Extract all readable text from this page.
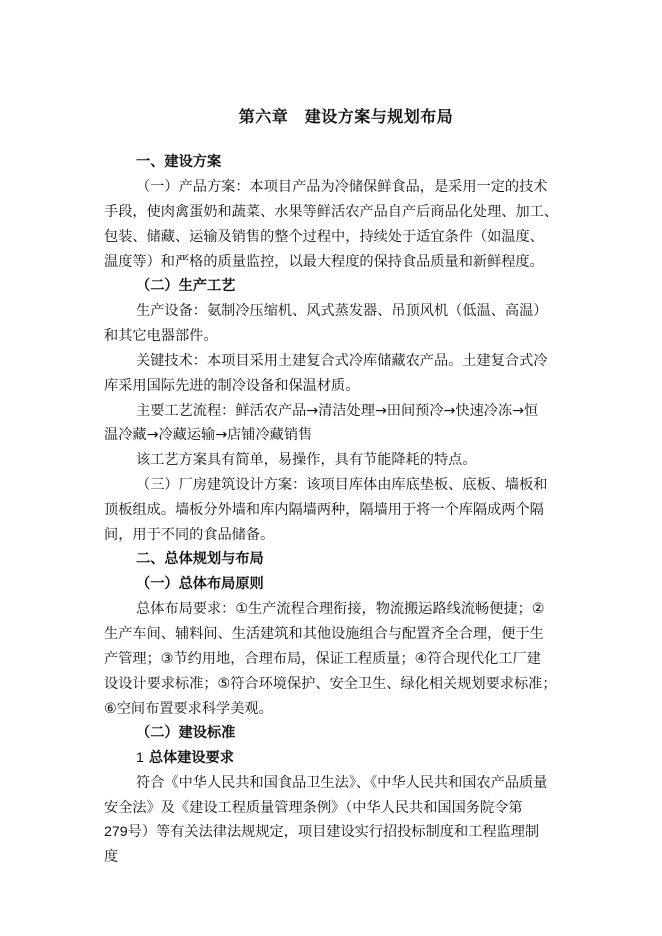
第六章　建设方案与规划布局
一、建设方案
（一）产品方案：本项目产品为冷储保鲜食品，是采用一定的技术
手段，使肉禽蛋奶和蔬菜、水果等鲜活农产品自产后商品化处理、加工、
包装、储藏、运输及销售的整个过程中，持续处于适宜条件（如温度、
温度等）和严格的质量监控，以最大程度的保持食品质量和新鲜程度。
（二）生产工艺
生产设备：氨制冷压缩机、风式蒸发器、吊顶风机（低温、高温）
和其它电器部件。
关键技术：本项目采用土建复合式冷库储藏农产品。土建复合式冷
库采用国际先进的制冷设备和保温材质。
主要工艺流程：鲜活农产品→清洁处理→田间预冷→快速冷冻→恒
温冷藏→冷藏运输→店铺冷藏销售
该工艺方案具有简单，易操作，具有节能降耗的特点。
（三）厂房建筑设计方案：该项目库体由库底垫板、底板、墙板和
顶板组成。墙板分外墙和库内隔墙两种，隔墙用于将一个库隔成两个隔
间，用于不同的食品储备。
二、总体规划与布局
（一）总体布局原则
总体布局要求：①生产流程合理衔接，物流搬运路线流畅便捷；②
生产车间、辅料间、生活建筑和其他设施组合与配置齐全合理，便于生
产管理；③节约用地，合理布局，保证工程质量；④符合现代化工厂建
设设计要求标准；⑤符合环境保护、安全卫生、绿化相关规划要求标准；
⑥空间布置要求科学美观。
（二）建设标准
1 总体建设要求
符合《中华人民共和国食品卫生法》、《中华人民共和国农产品质量
安全法》及《建设工程质量管理条例》（中华人民共和国国务院令第
279号）等有关法律法规规定，项目建设实行招投标制度和工程监理制
度
